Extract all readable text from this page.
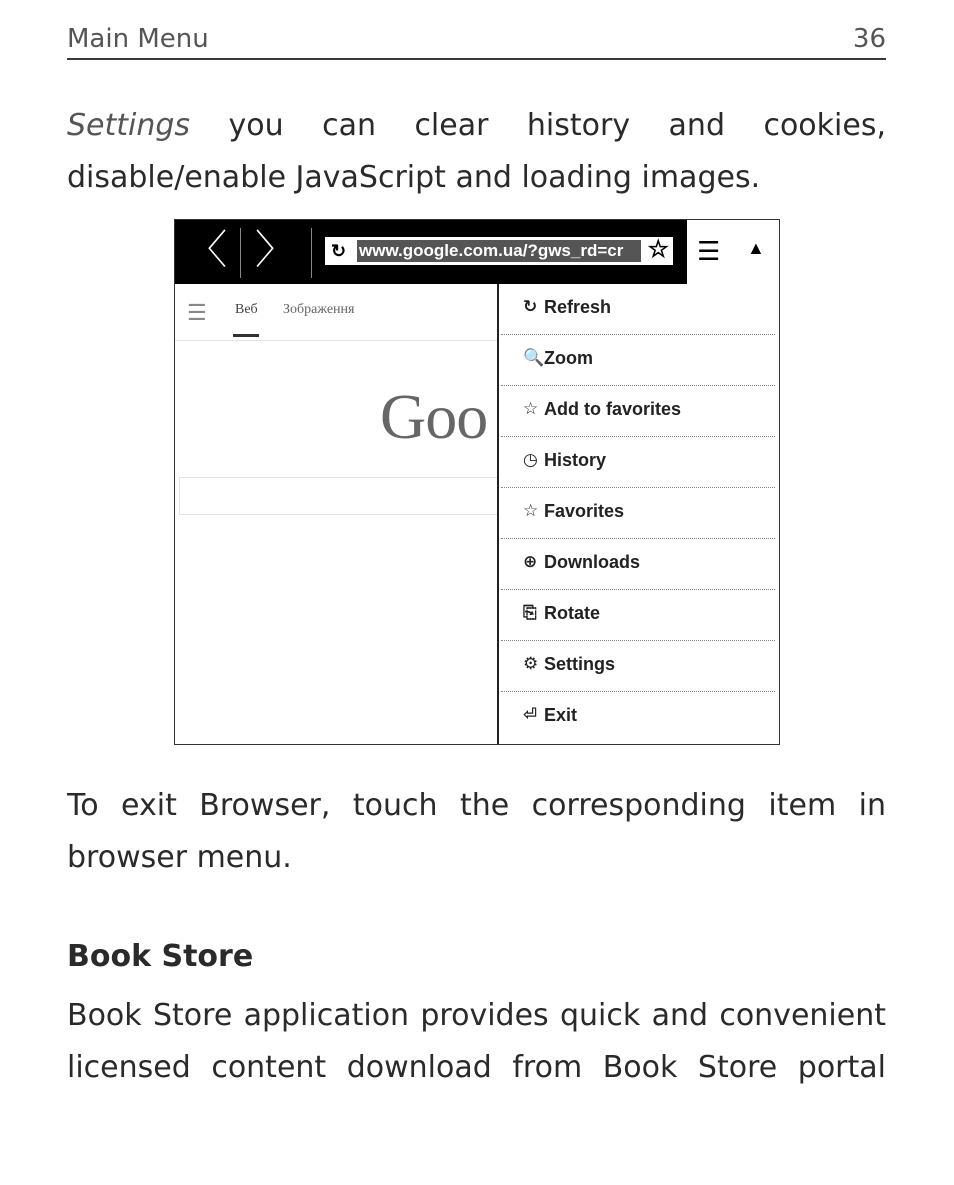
Main Menu	36
Settings you can clear history and cookies, disable/enable JavaScript and loading images.
〈 〉	↻ www.google.com.ua/?gws_rd=cr	☆ ☰ ▲
☰ Веб Зображення
Goo
↻ Refresh
🔍 Zoom
☆ Add to favorites
◷ History
☆ Favorites
⊕ Downloads
⎘ Rotate
⚙ Settings
⏎ Exit
To exit Browser, touch the corresponding item in browser menu.
Book Store
Book Store application provides quick and convenient
licensed content download from Book Store portal
